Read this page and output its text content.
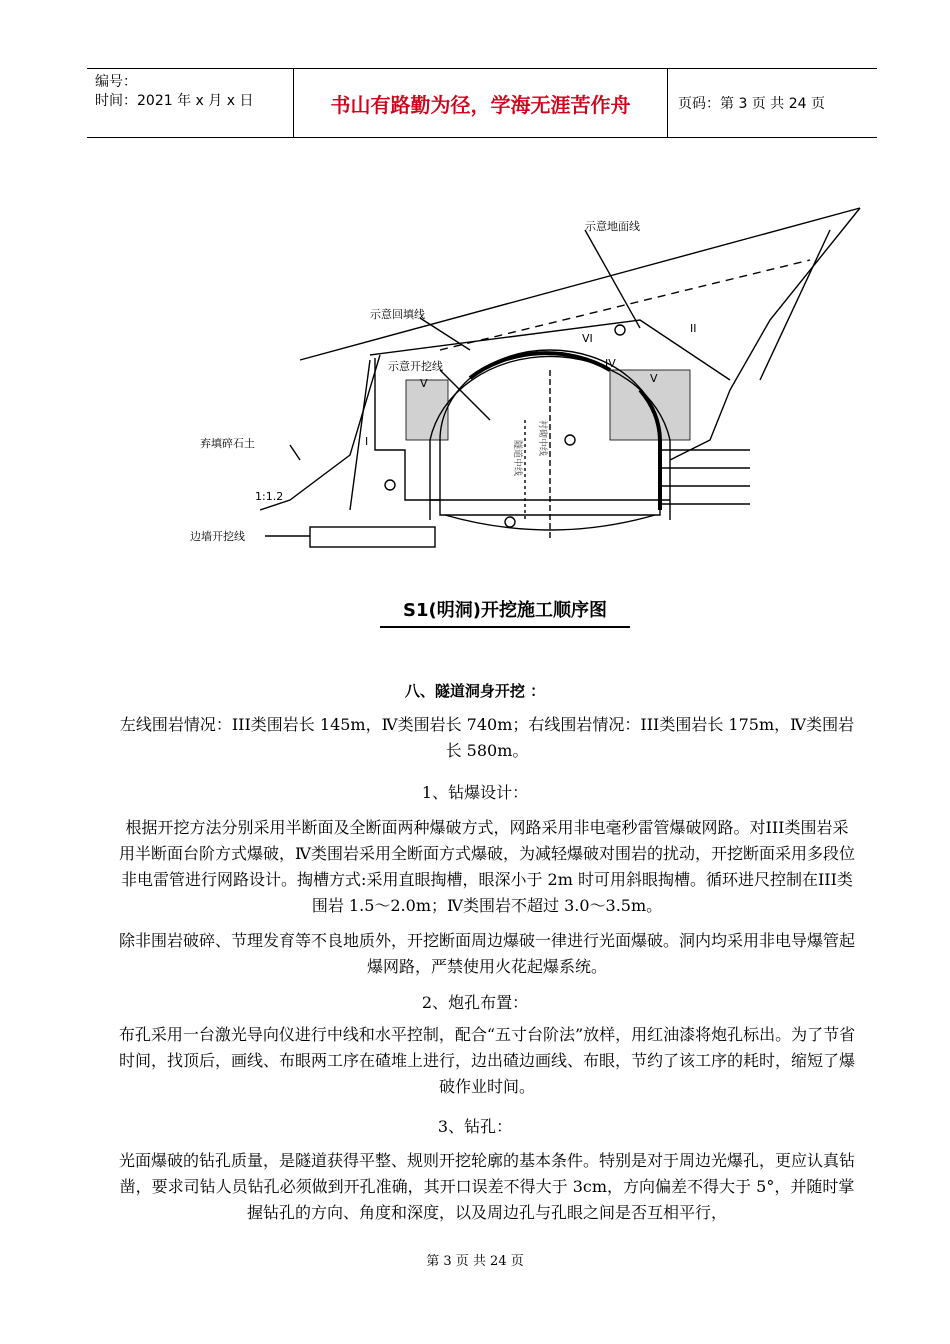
编号：
时间：2021 年 x 月 x 日	书山有路勤为径，学海无涯苦作舟	页码：第 3 页 共 24 页
示意地面线
示意回填线
示意开挖线
弃填碎石土
边墙开挖线
1:1.2
I
II
IV
V	V
VI
隧道中线
衬砌中线
S1(明洞)开挖施工顺序图
八、隧道洞身开挖 ：
左线围岩情况：III类围岩长 145m，Ⅳ类围岩长 740m；右线围岩情况：III类围岩长 175m，Ⅳ类围岩长 580m。
1、钻爆设计：
根据开挖方法分别采用半断面及全断面两种爆破方式，网路采用非电毫秒雷管爆破网路。对III类围岩采用半断面台阶方式爆破，Ⅳ类围岩采用全断面方式爆破，为减轻爆破对围岩的扰动，开挖断面采用多段位非电雷管进行网路设计。掏槽方式:采用直眼掏槽，眼深小于 2m 时可用斜眼掏槽。循环进尺控制在III类围岩 1.5～2.0m；Ⅳ类围岩不超过 3.0～3.5m。
除非围岩破碎、节理发育等不良地质外，开挖断面周边爆破一律进行光面爆破。洞内均采用非电导爆管起爆网路，严禁使用火花起爆系统。
2、炮孔布置：
布孔采用一台激光导向仪进行中线和水平控制，配合“五寸台阶法”放样，用红油漆将炮孔标出。为了节省时间，找顶后，画线、布眼两工序在碴堆上进行，边出碴边画线、布眼，节约了该工序的耗时，缩短了爆破作业时间。
3、钻孔：
光面爆破的钻孔质量，是隧道获得平整、规则开挖轮廓的基本条件。特别是对于周边光爆孔，更应认真钻凿，要求司钻人员钻孔必须做到开孔准确，其开口误差不得大于 3cm，方向偏差不得大于 5°，并随时掌握钻孔的方向、角度和深度，以及周边孔与孔眼之间是否互相平行，
第 3 页 共 24 页
